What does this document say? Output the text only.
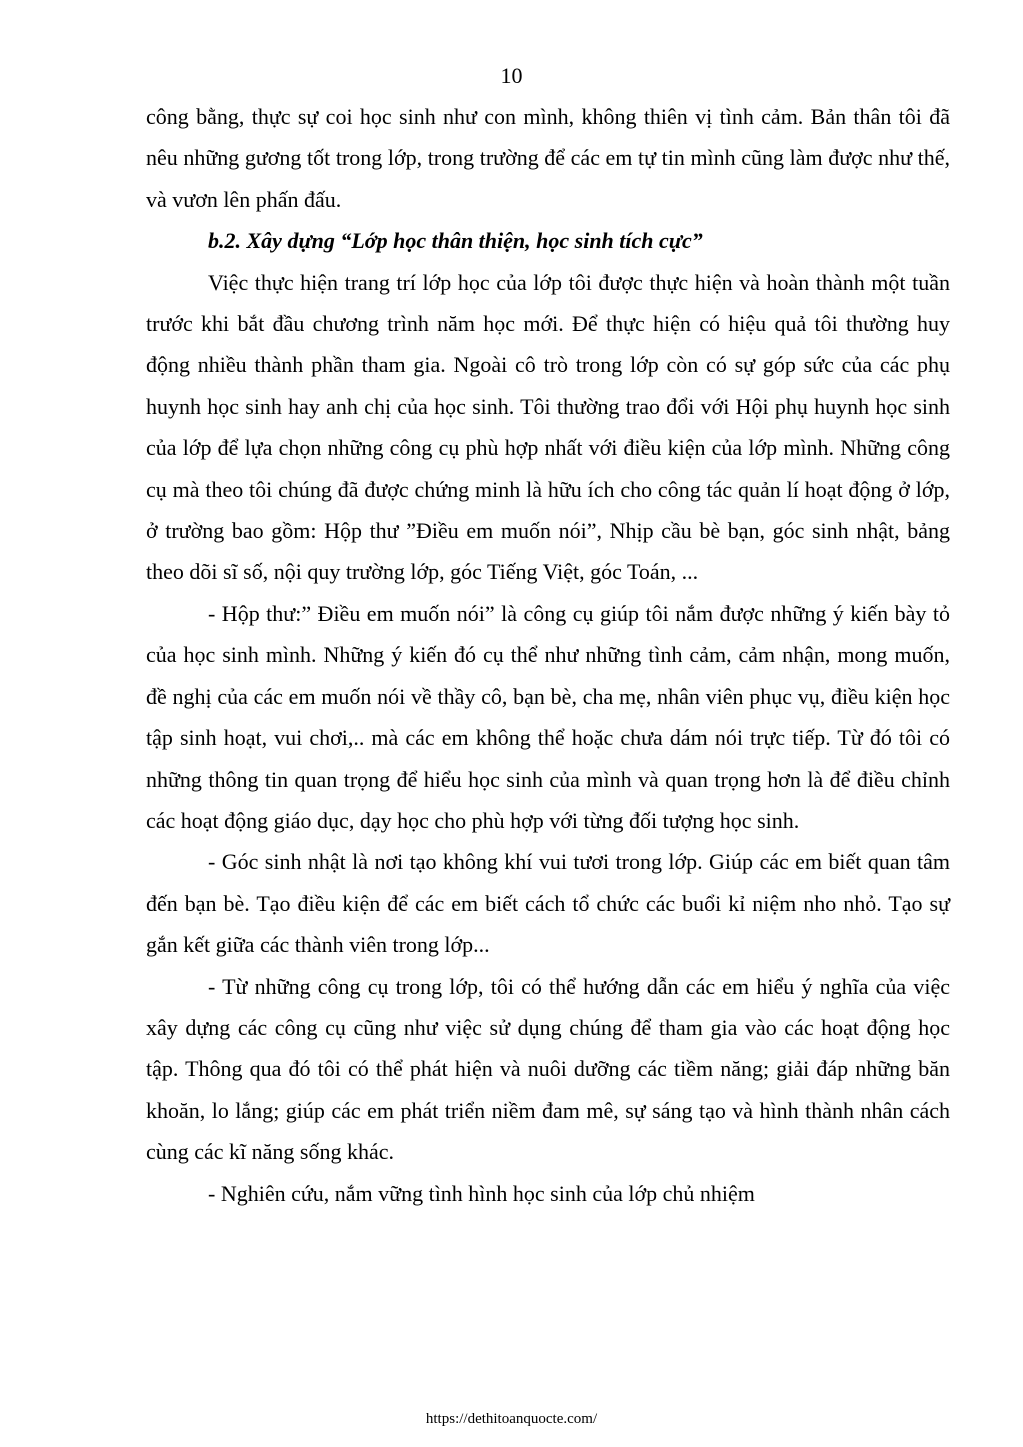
10

công bằng, thực sự coi học sinh như con mình, không thiên vị tình cảm. Bản thân tôi đã nêu những gương tốt trong lớp, trong trường để các em tự tin mình cũng làm được như thế, và vươn lên phấn đấu.

b.2. Xây dựng “Lớp học thân thiện, học sinh tích cực”

Việc thực hiện trang trí lớp học của lớp tôi được thực hiện và hoàn thành một tuần trước khi bắt đầu chương trình năm học mới. Để thực hiện có hiệu quả tôi thường huy động nhiều thành phần tham gia. Ngoài cô trò trong lớp còn có sự góp sức của các phụ huynh học sinh hay anh chị của học sinh. Tôi thường trao đổi với Hội phụ huynh học sinh của lớp để lựa chọn những công cụ phù hợp nhất với điều kiện của lớp mình. Những công cụ mà theo tôi chúng đã được chứng minh là hữu ích cho công tác quản lí hoạt động ở lớp, ở trường bao gồm: Hộp thư ”Điều em muốn nói”, Nhịp cầu bè bạn, góc sinh nhật, bảng theo dõi sĩ số, nội quy trường lớp, góc Tiếng Việt, góc Toán, ...

- Hộp thư:” Điều em muốn nói” là công cụ giúp tôi nắm được những ý kiến bày tỏ của học sinh mình. Những ý kiến đó cụ thể như những tình cảm, cảm nhận, mong muốn, đề nghị của các em muốn nói về thầy cô, bạn bè, cha mẹ, nhân viên phục vụ, điều kiện học tập sinh hoạt, vui chơi,.. mà các em không thể hoặc chưa dám nói trực tiếp. Từ đó tôi có những thông tin quan trọng để hiểu học sinh của mình và quan trọng hơn là để điều chỉnh các hoạt động giáo dục, dạy học cho phù hợp với từng đối tượng học sinh.

- Góc sinh nhật là nơi tạo không khí vui tươi trong lớp. Giúp các em biết quan tâm đến bạn bè. Tạo điều kiện để các em biết cách tổ chức các buổi kỉ niệm nho nhỏ. Tạo sự gắn kết giữa các thành viên trong lớp...

- Từ những công cụ trong lớp, tôi có thể hướng dẫn các em hiểu ý nghĩa của việc xây dựng các công cụ cũng như việc sử dụng chúng để tham gia vào các hoạt động học tập. Thông qua đó tôi có thể phát hiện và nuôi dưỡng các tiềm năng; giải đáp những băn khoăn, lo lắng; giúp các em phát triển niềm đam mê, sự sáng tạo và hình thành nhân cách cùng các kĩ năng sống khác.

- Nghiên cứu, nắm vững tình hình học sinh của lớp chủ nhiệm

https://dethitoanquocte.com/
